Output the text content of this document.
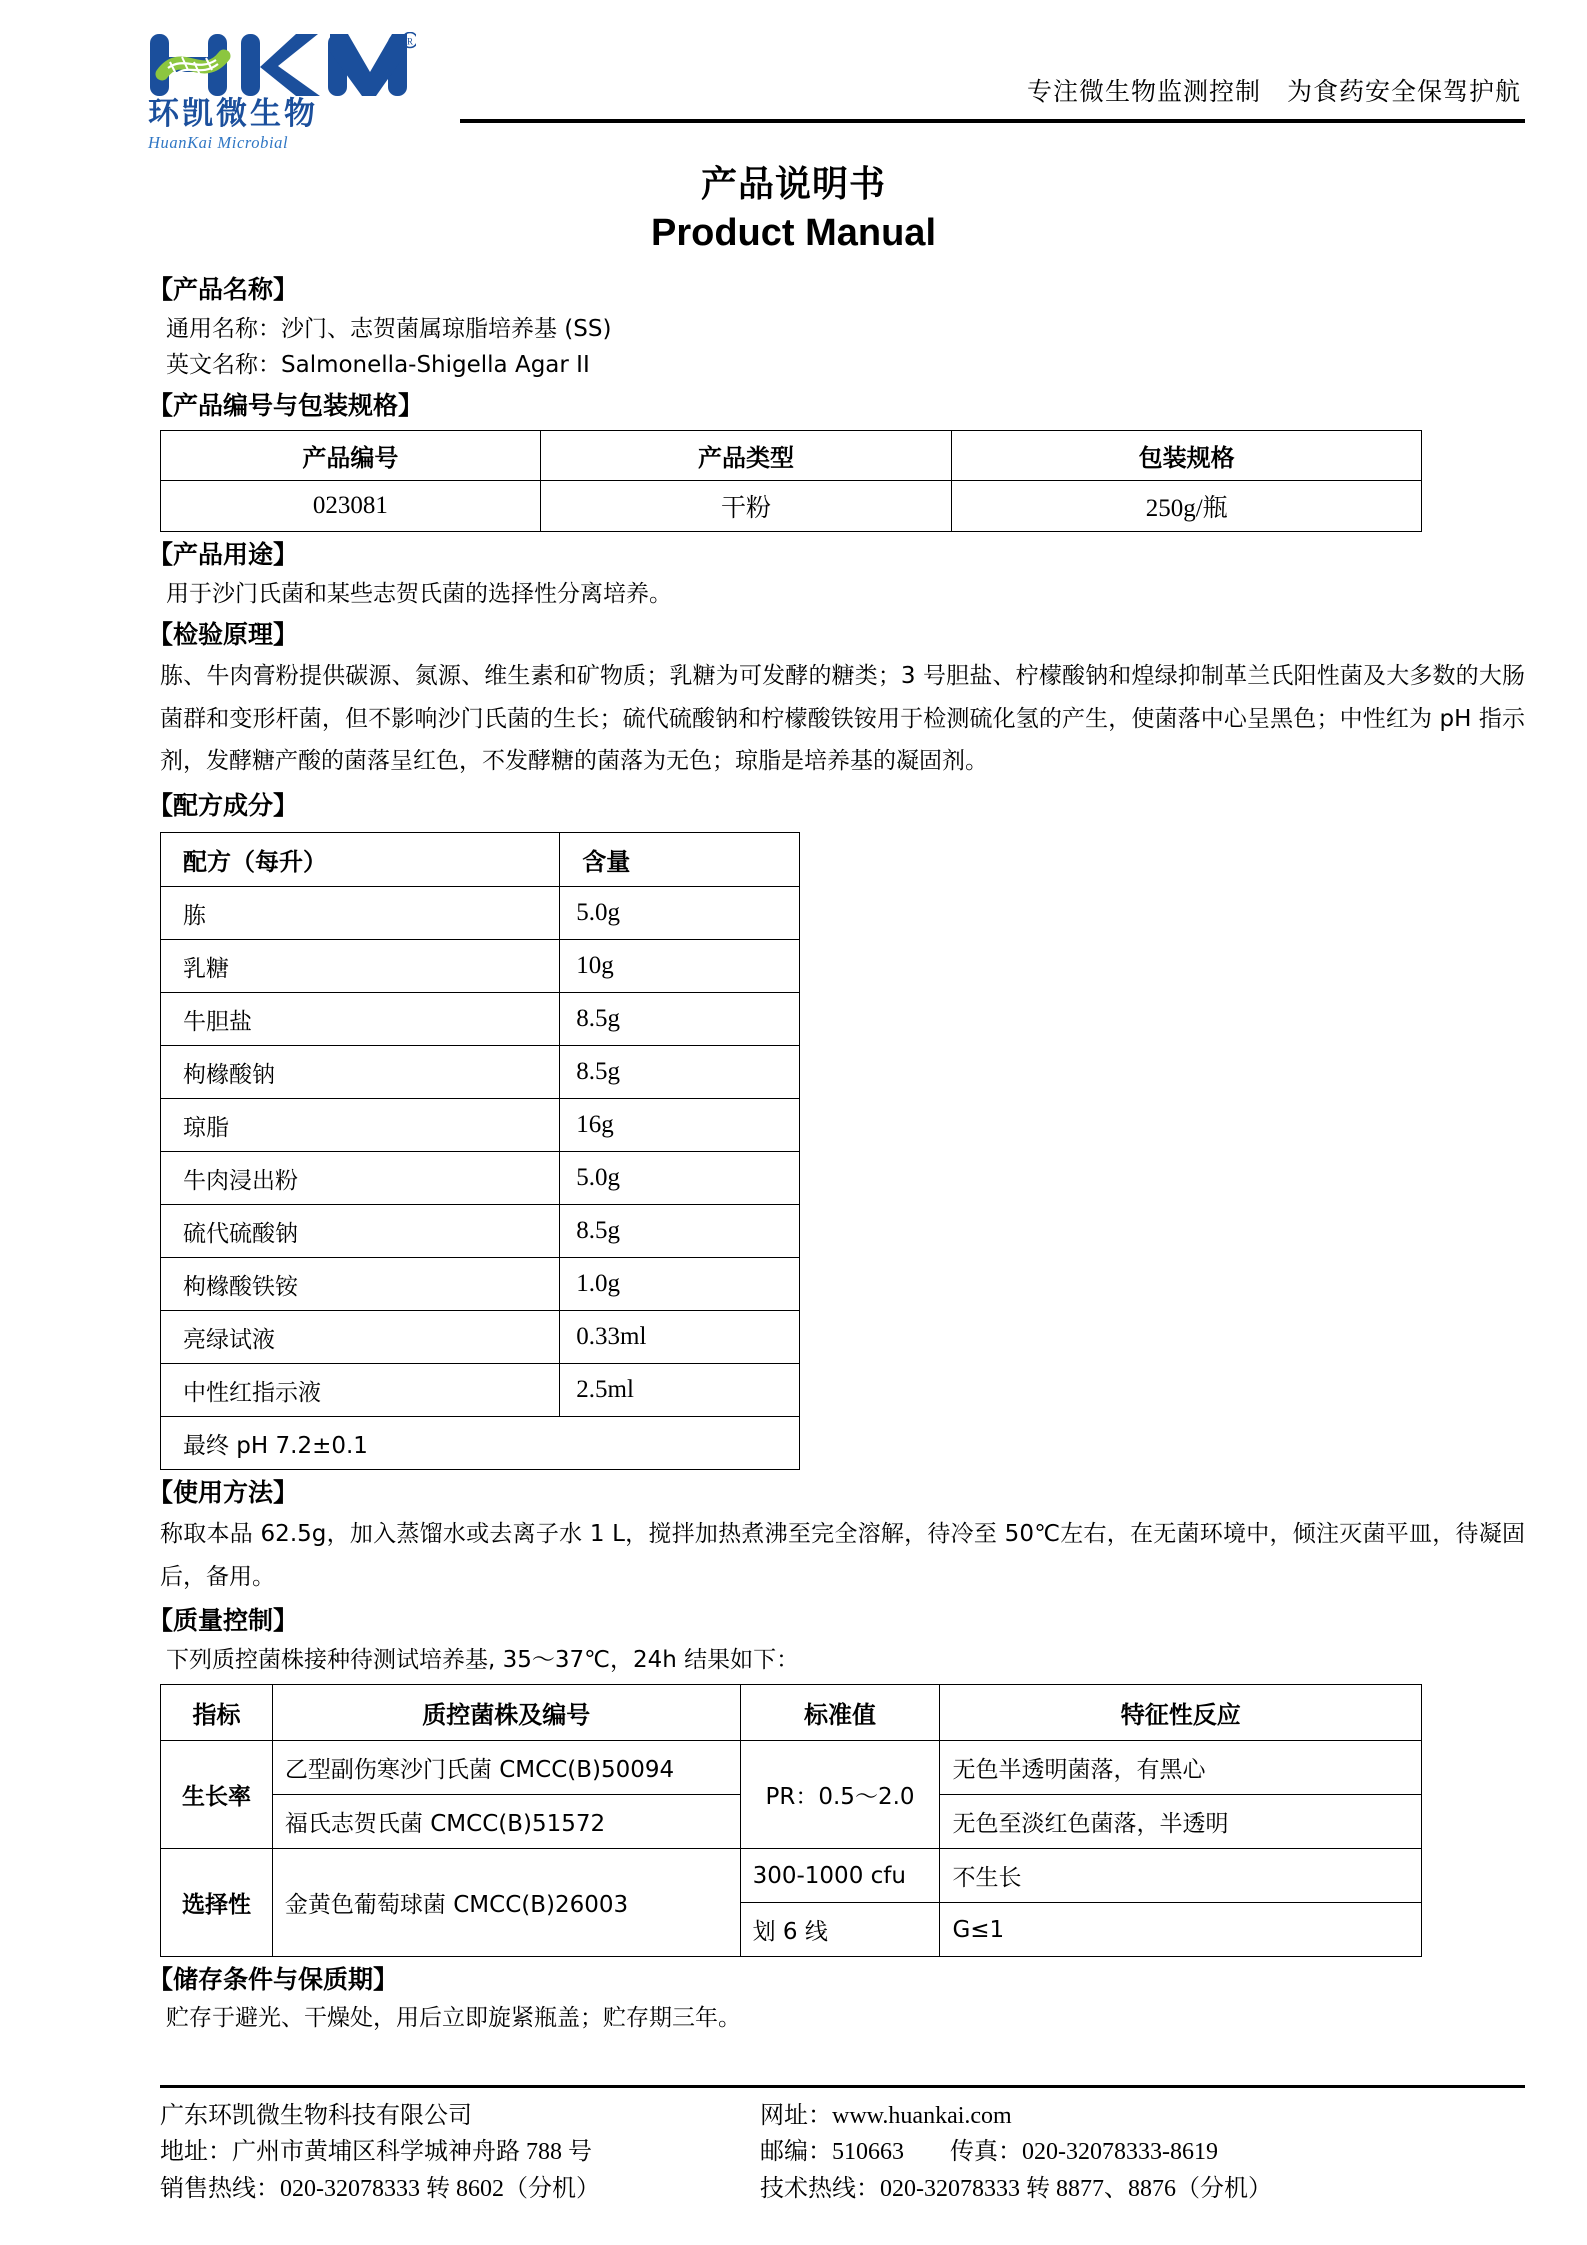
R
环凯微生物
HuanKai Microbial
专注微生物监测控制　为食药安全保驾护航
产品说明书
Product Manual
【产品名称】
通用名称：沙门、志贺菌属琼脂培养基 (SS)
英文名称：Salmonella-Shigella Agar II
【产品编号与包装规格】
产品编号	产品类型	包装规格
023081	干粉	250g/瓶
【产品用途】
用于沙门氏菌和某些志贺氏菌的选择性分离培养。
【检验原理】
胨、牛肉膏粉提供碳源、氮源、维生素和矿物质；乳糖为可发酵的糖类；3 号胆盐、柠檬酸钠和煌绿抑制革兰氏阳性菌及大多数的大肠菌群和变形杆菌，但不影响沙门氏菌的生长；硫代硫酸钠和柠檬酸铁铵用于检测硫化氢的产生，使菌落中心呈黑色；中性红为 pH 指示剂，发酵糖产酸的菌落呈红色，不发酵糖的菌落为无色；琼脂是培养基的凝固剂。
【配方成分】
配方（每升）	含量
胨	5.0g
乳糖	10g
牛胆盐	8.5g
枸橼酸钠	8.5g
琼脂	16g
牛肉浸出粉	5.0g
硫代硫酸钠	8.5g
枸橼酸铁铵	1.0g
亮绿试液	0.33ml
中性红指示液	2.5ml
最终 pH 7.2±0.1	
【使用方法】
称取本品 62.5g，加入蒸馏水或去离子水 1 L，搅拌加热煮沸至完全溶解，待冷至 50℃左右，在无菌环境中，倾注灭菌平皿，待凝固后，备用。
【质量控制】
下列质控菌株接种待测试培养基, 35～37℃，24h 结果如下：
指标	质控菌株及编号	标准值	特征性反应
生长率	乙型副伤寒沙门氏菌 CMCC(B)50094	PR：0.5～2.0	无色半透明菌落，有黑心
	福氏志贺氏菌 CMCC(B)51572		无色至淡红色菌落，半透明
选择性	金黄色葡萄球菌 CMCC(B)26003	300-1000 cfu	不生长
		划 6 线	G≤1
【储存条件与保质期】
贮存于避光、干燥处，用后立即旋紧瓶盖；贮存期三年。
广东环凯微生物科技有限公司
地址：广州市黄埔区科学城神舟路 788 号
销售热线：020-32078333 转 8602（分机）
网址：www.huankai.com
邮编：510663 传真：020-32078333-8619
技术热线：020-32078333 转 8877、8876（分机）
